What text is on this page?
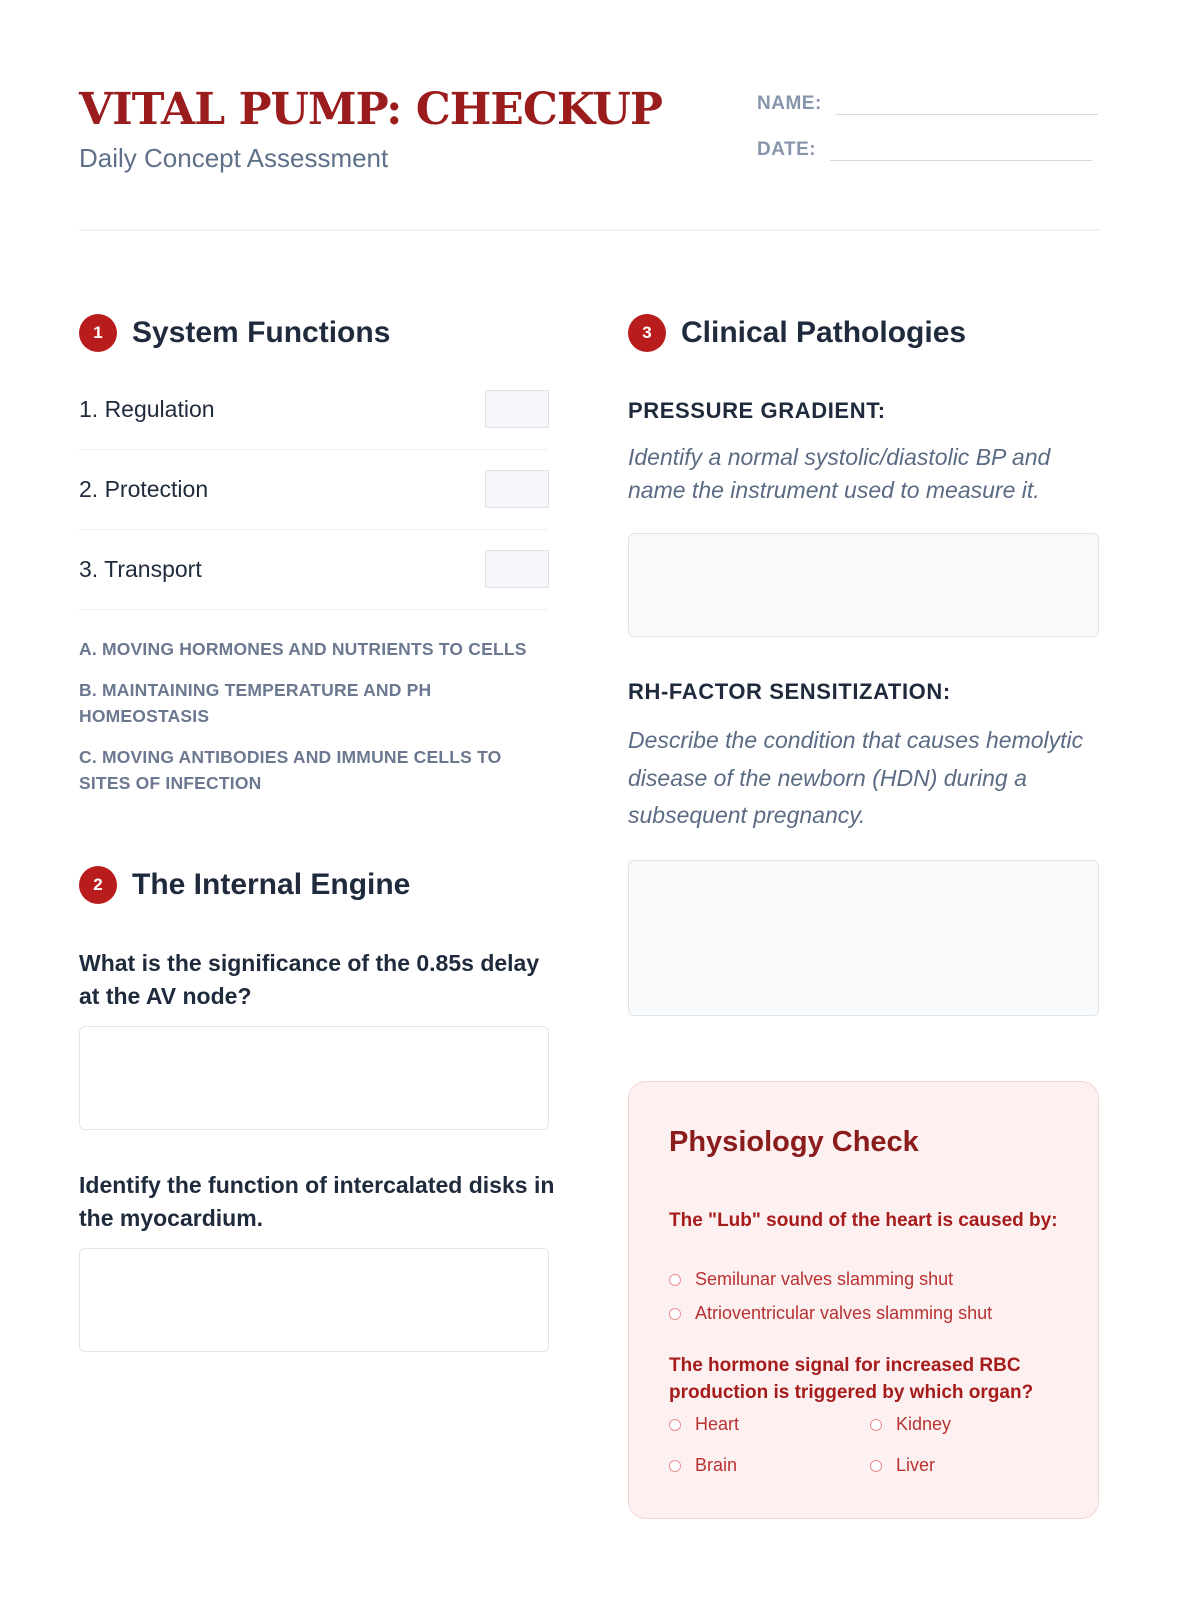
VITAL PUMP: CHECKUP
Daily Concept Assessment
NAME:
DATE:
1 System Functions
1. Regulation
2. Protection
3. Transport
A. MOVING HORMONES AND NUTRIENTS TO CELLS
B. MAINTAINING TEMPERATURE AND PH HOMEOSTASIS
C. MOVING ANTIBODIES AND IMMUNE CELLS TO SITES OF INFECTION
2 The Internal Engine
What is the significance of the 0.85s delay at the AV node?
Identify the function of intercalated disks in the myocardium.
3 Clinical Pathologies
PRESSURE GRADIENT:
Identify a normal systolic/diastolic BP and name the instrument used to measure it.
RH-FACTOR SENSITIZATION:
Describe the condition that causes hemolytic disease of the newborn (HDN) during a subsequent pregnancy.
Physiology Check
The "Lub" sound of the heart is caused by:
Semilunar valves slamming shut
Atrioventricular valves slamming shut
The hormone signal for increased RBC production is triggered by which organ?
Heart	Kidney
Brain	Liver
